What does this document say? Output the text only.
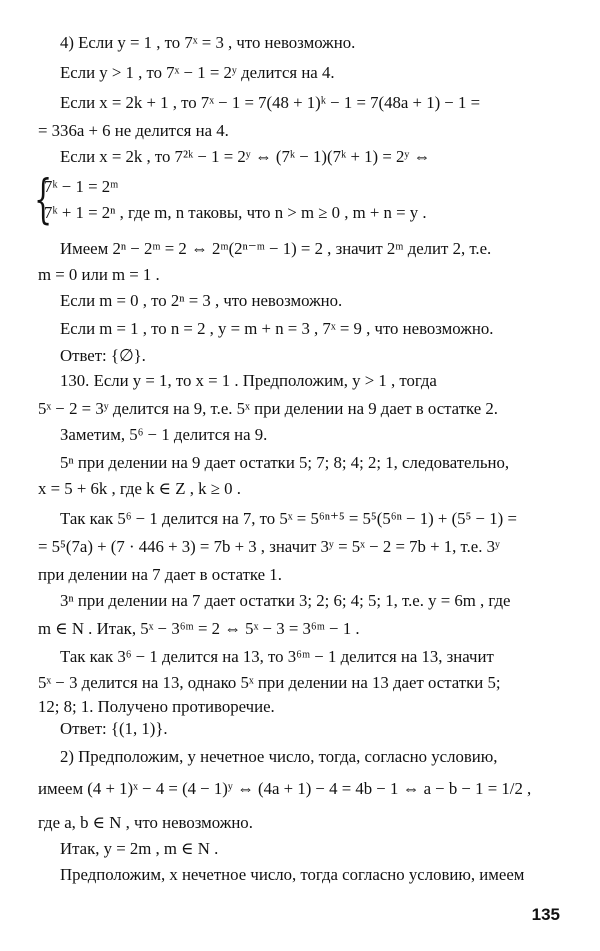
4) Если y = 1 , то 7ˣ = 3 , что невозможно.
Если y > 1 , то 7ˣ − 1 = 2ʸ делится на 4.
Если x = 2k + 1 , то 7ˣ − 1 = 7(48 + 1)ᵏ − 1 = 7(48a + 1) − 1 =
= 336a + 6 не делится на 4.
Если x = 2k , то 7²ᵏ − 1 = 2ʸ ⇔ (7ᵏ − 1)(7ᵏ + 1) = 2ʸ ⇔
{
7ᵏ − 1 = 2ᵐ
7ᵏ + 1 = 2ⁿ , где m, n таковы, что n > m ≥ 0 , m + n = y .
Имеем 2ⁿ − 2ᵐ = 2 ⇔ 2ᵐ(2ⁿ⁻ᵐ − 1) = 2 , значит 2ᵐ делит 2, т.е.
m = 0 или m = 1 .
Если m = 0 , то 2ⁿ = 3 , что невозможно.
Если m = 1 , то n = 2 , y = m + n = 3 , 7ˣ = 9 , что невозможно.
Ответ: {∅}.
130. Если y = 1, то x = 1 . Предположим, y > 1 , тогда
5ˣ − 2 = 3ʸ делится на 9, т.е. 5ˣ при делении на 9 дает в остатке 2.
Заметим, 5⁶ − 1 делится на 9.
5ⁿ при делении на 9 дает остатки 5; 7; 8; 4; 2; 1, следовательно,
x = 5 + 6k , где k ∈ Z , k ≥ 0 .
Так как 5⁶ − 1 делится на 7, то 5ˣ = 5⁶ⁿ⁺⁵ = 5⁵(5⁶ⁿ − 1) + (5⁵ − 1) =
= 5⁵(7a) + (7 · 446 + 3) = 7b + 3 , значит 3ʸ = 5ˣ − 2 = 7b + 1, т.е. 3ʸ
при делении на 7 дает в остатке 1.
3ⁿ при делении на 7 дает остатки 3; 2; 6; 4; 5; 1, т.е. y = 6m , где
m ∈ N . Итак, 5ˣ − 3⁶ᵐ = 2 ⇔ 5ˣ − 3 = 3⁶ᵐ − 1 .
Так как 3⁶ − 1 делится на 13, то 3⁶ᵐ − 1 делится на 13, значит
5ˣ − 3 делится на 13, однако 5ˣ при делении на 13 дает остатки 5;
12; 8; 1. Получено противоречие.
Ответ: {(1, 1)}.
2) Предположим, y нечетное число, тогда, согласно условию,
имеем (4 + 1)ˣ − 4 = (4 − 1)ʸ ⇔ (4a + 1) − 4 = 4b − 1 ⇔ a − b − 1 = 1/2 ,
где a, b ∈ N , что невозможно.
Итак, y = 2m , m ∈ N .
Предположим, x нечетное число, тогда согласно условию, имеем
135
